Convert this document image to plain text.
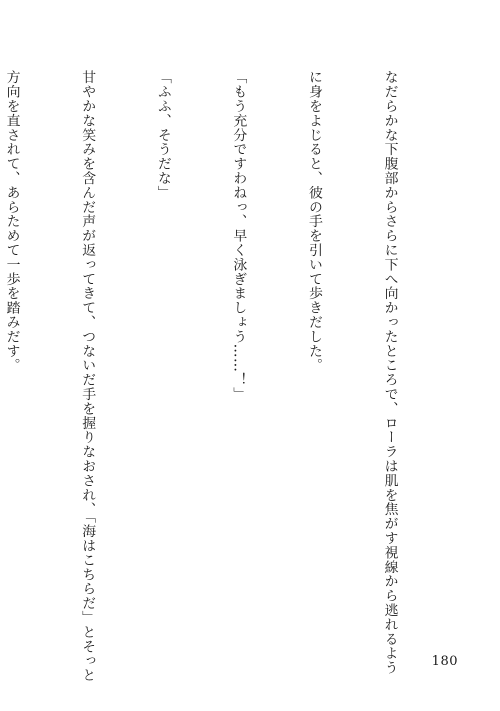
なだらかな下腹部からさらに下へ向かったところで、ローラは肌を焦がす視線から逃れるよう

に身をよじると、彼の手を引いて歩きだした。

「もう充分ですわねっ、早く泳ぎましょう……！」

「ふふ、そうだな」

甘やかな笑みを含んだ声が返ってきて、つないだ手を握りなおされ、「海はこちらだ」とそっと

方向を直されて、あらためて一歩を踏みだす。

180
